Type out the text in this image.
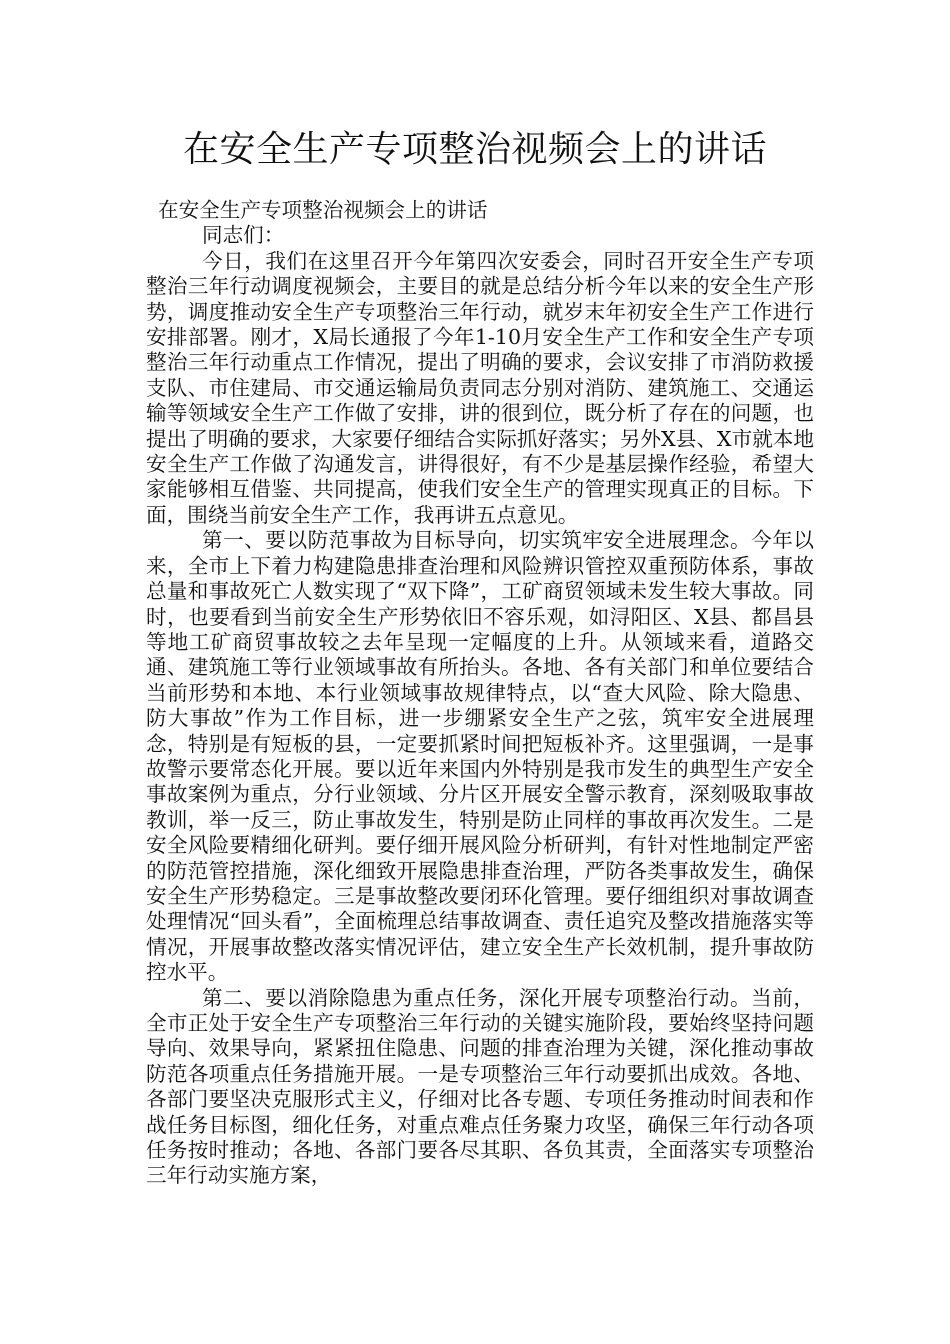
在安全生产专项整治视频会上的讲话

在安全生产专项整治视频会上的讲话

同志们：

今日，我们在这里召开今年第四次安委会，同时召开安全生产专项整治三年行动调度视频会，主要目的就是总结分析今年以来的安全生产形势，调度推动安全生产专项整治三年行动，就岁末年初安全生产工作进行安排部署。刚才，X局长通报了今年1-10月安全生产工作和安全生产专项整治三年行动重点工作情况，提出了明确的要求，会议安排了市消防救援支队、市住建局、市交通运输局负责同志分别对消防、建筑施工、交通运输等领域安全生产工作做了安排，讲的很到位，既分析了存在的问题，也提出了明确的要求，大家要仔细结合实际抓好落实；另外X县、X市就本地安全生产工作做了沟通发言，讲得很好，有不少是基层操作经验，希望大家能够相互借鉴、共同提高，使我们安全生产的管理实现真正的目标。下面，围绕当前安全生产工作，我再讲五点意见。

第一、要以防范事故为目标导向，切实筑牢安全进展理念。今年以来，全市上下着力构建隐患排查治理和风险辨识管控双重预防体系，事故总量和事故死亡人数实现了“双下降”，工矿商贸领域未发生较大事故。同时，也要看到当前安全生产形势依旧不容乐观，如浔阳区、X县、都昌县等地工矿商贸事故较之去年呈现一定幅度的上升。从领域来看，道路交通、建筑施工等行业领域事故有所抬头。各地、各有关部门和单位要结合当前形势和本地、本行业领域事故规律特点，以“查大风险、除大隐患、防大事故”作为工作目标，进一步绷紧安全生产之弦，筑牢安全进展理念，特别是有短板的县，一定要抓紧时间把短板补齐。这里强调，一是事故警示要常态化开展。要以近年来国内外特别是我市发生的典型生产安全事故案例为重点，分行业领域、分片区开展安全警示教育，深刻吸取事故教训，举一反三，防止事故发生，特别是防止同样的事故再次发生。二是安全风险要精细化研判。要仔细开展风险分析研判，有针对性地制定严密的防范管控措施，深化细致开展隐患排查治理，严防各类事故发生，确保安全生产形势稳定。三是事故整改要闭环化管理。要仔细组织对事故调查处理情况“回头看”，全面梳理总结事故调查、责任追究及整改措施落实等情况，开展事故整改落实情况评估，建立安全生产长效机制，提升事故防控水平。

第二、要以消除隐患为重点任务，深化开展专项整治行动。当前，全市正处于安全生产专项整治三年行动的关键实施阶段，要始终坚持问题导向、效果导向，紧紧扭住隐患、问题的排查治理为关键，深化推动事故防范各项重点任务措施开展。一是专项整治三年行动要抓出成效。各地、各部门要坚决克服形式主义，仔细对比各专题、专项任务推动时间表和作战任务目标图，细化任务，对重点难点任务聚力攻坚，确保三年行动各项任务按时推动；各地、各部门要各尽其职、各负其责，全面落实专项整治三年行动实施方案，
